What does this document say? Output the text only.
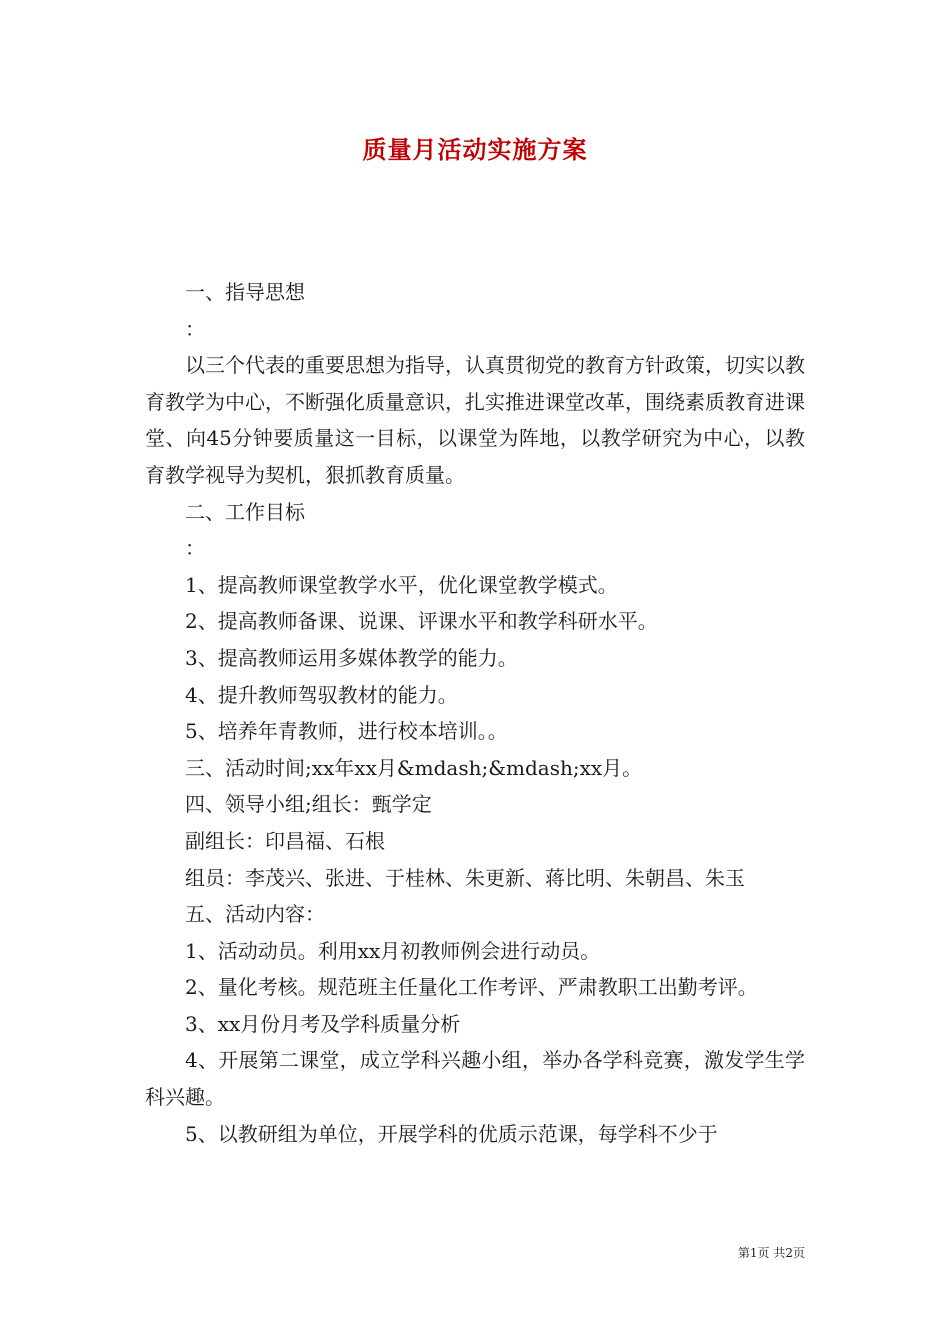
质量月活动实施方案

一、指导思想

：

以三个代表的重要思想为指导，认真贯彻党的教育方针政策，切实以教育教学为中心，不断强化质量意识，扎实推进课堂改革，围绕素质教育进课堂、向45分钟要质量这一目标，以课堂为阵地，以教学研究为中心，以教育教学视导为契机，狠抓教育质量。

二、工作目标

：

1、提高教师课堂教学水平，优化课堂教学模式。

2、提高教师备课、说课、评课水平和教学科研水平。

3、提高教师运用多媒体教学的能力。

4、提升教师驾驭教材的能力。

5、培养年青教师，进行校本培训。。

三、活动时间;xx年xx月&mdash;&mdash;xx月。

四、领导小组;组长：甄学定

副组长：印昌福、石根

组员：李茂兴、张进、于桂林、朱更新、蒋比明、朱朝昌、朱玉

五、活动内容：

1、活动动员。利用xx月初教师例会进行动员。

2、量化考核。规范班主任量化工作考评、严肃教职工出勤考评。

3、xx月份月考及学科质量分析

4、开展第二课堂，成立学科兴趣小组，举办各学科竞赛，激发学生学科兴趣。

5、以教研组为单位，开展学科的优质示范课，每学科不少于

第1页 共2页
